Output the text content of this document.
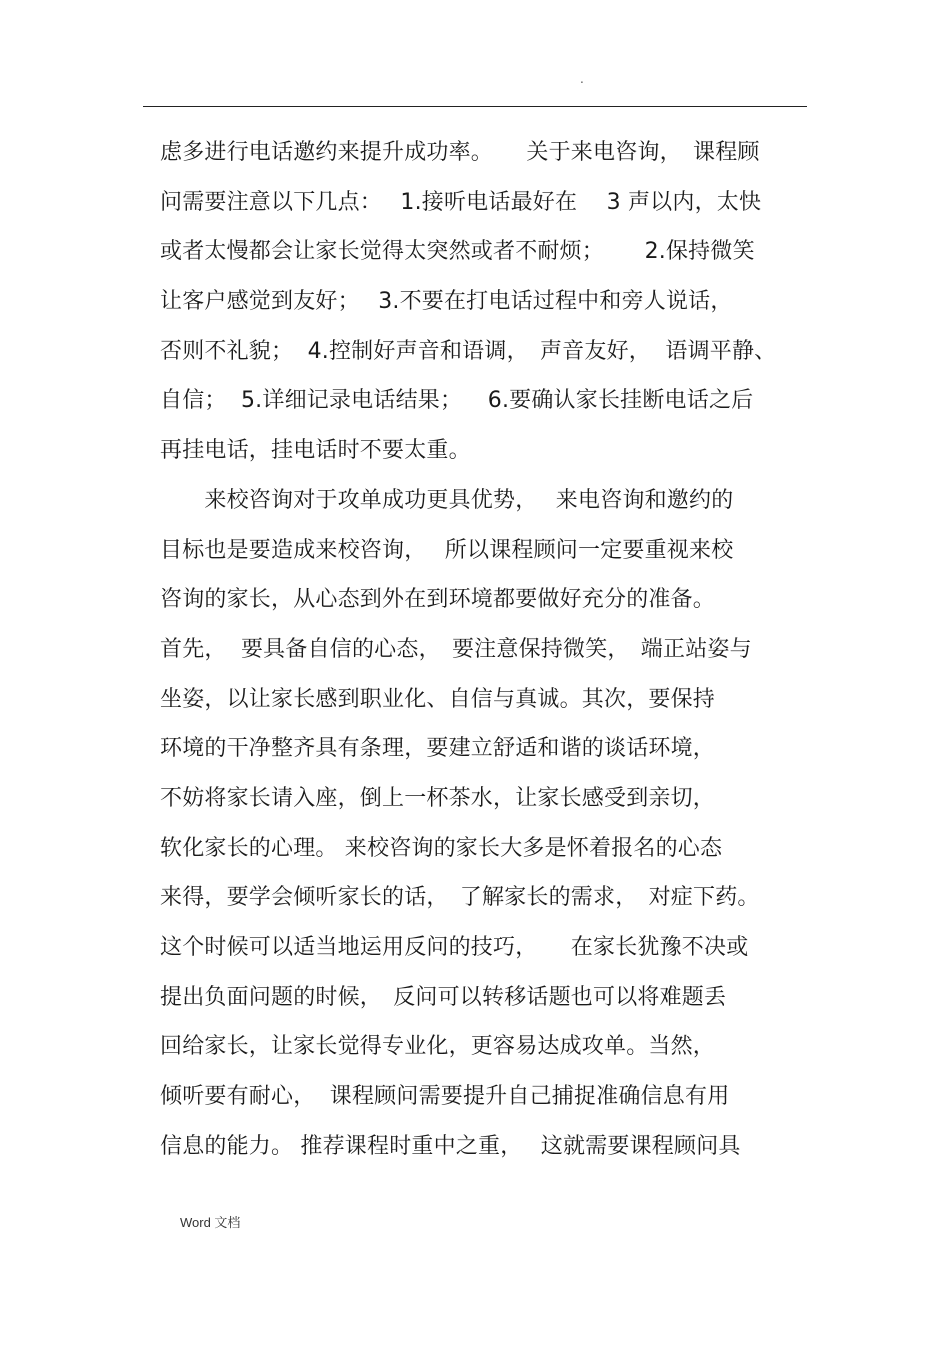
.
虑多进行电话邀约来提升成功率。　　关于来电咨询，　课程顾
问需要注意以下几点：　 1.接听电话最好在　 3 声以内，太快
或者太慢都会让家长觉得太突然或者不耐烦；　　 2.保持微笑
让客户感觉到友好；　 3.不要在打电话过程中和旁人说话，
否则不礼貌；  4.控制好声音和语调，　声音友好，  语调平静、
自信；  5.详细记录电话结果；　  6.要确认家长挂断电话之后
再挂电话，挂电话时不要太重。
　　来校咨询对于攻单成功更具优势，　 来电咨询和邀约的
目标也是要造成来校咨询，　 所以课程顾问一定要重视来校
咨询的家长，从心态到外在到环境都要做好充分的准备。
首先，  要具备自信的心态，　要注意保持微笑，　端正站姿与
坐姿，以让家长感到职业化、自信与真诚。其次，要保持
环境的干净整齐具有条理，要建立舒适和谐的谈话环境，
不妨将家长请入座，倒上一杯茶水，让家长感受到亲切，
软化家长的心理。 来校咨询的家长大多是怀着报名的心态
来得，要学会倾听家长的话，　了解家长的需求，　对症下药。
这个时候可以适当地运用反问的技巧，　　在家长犹豫不决或
提出负面问题的时候，　反问可以转移话题也可以将难题丢
回给家长，让家长觉得专业化，更容易达成攻单。当然，
倾听要有耐心，  课程顾问需要提升自己捕捉准确信息有用
信息的能力。 推荐课程时重中之重，　 这就需要课程顾问具
Word 文档
